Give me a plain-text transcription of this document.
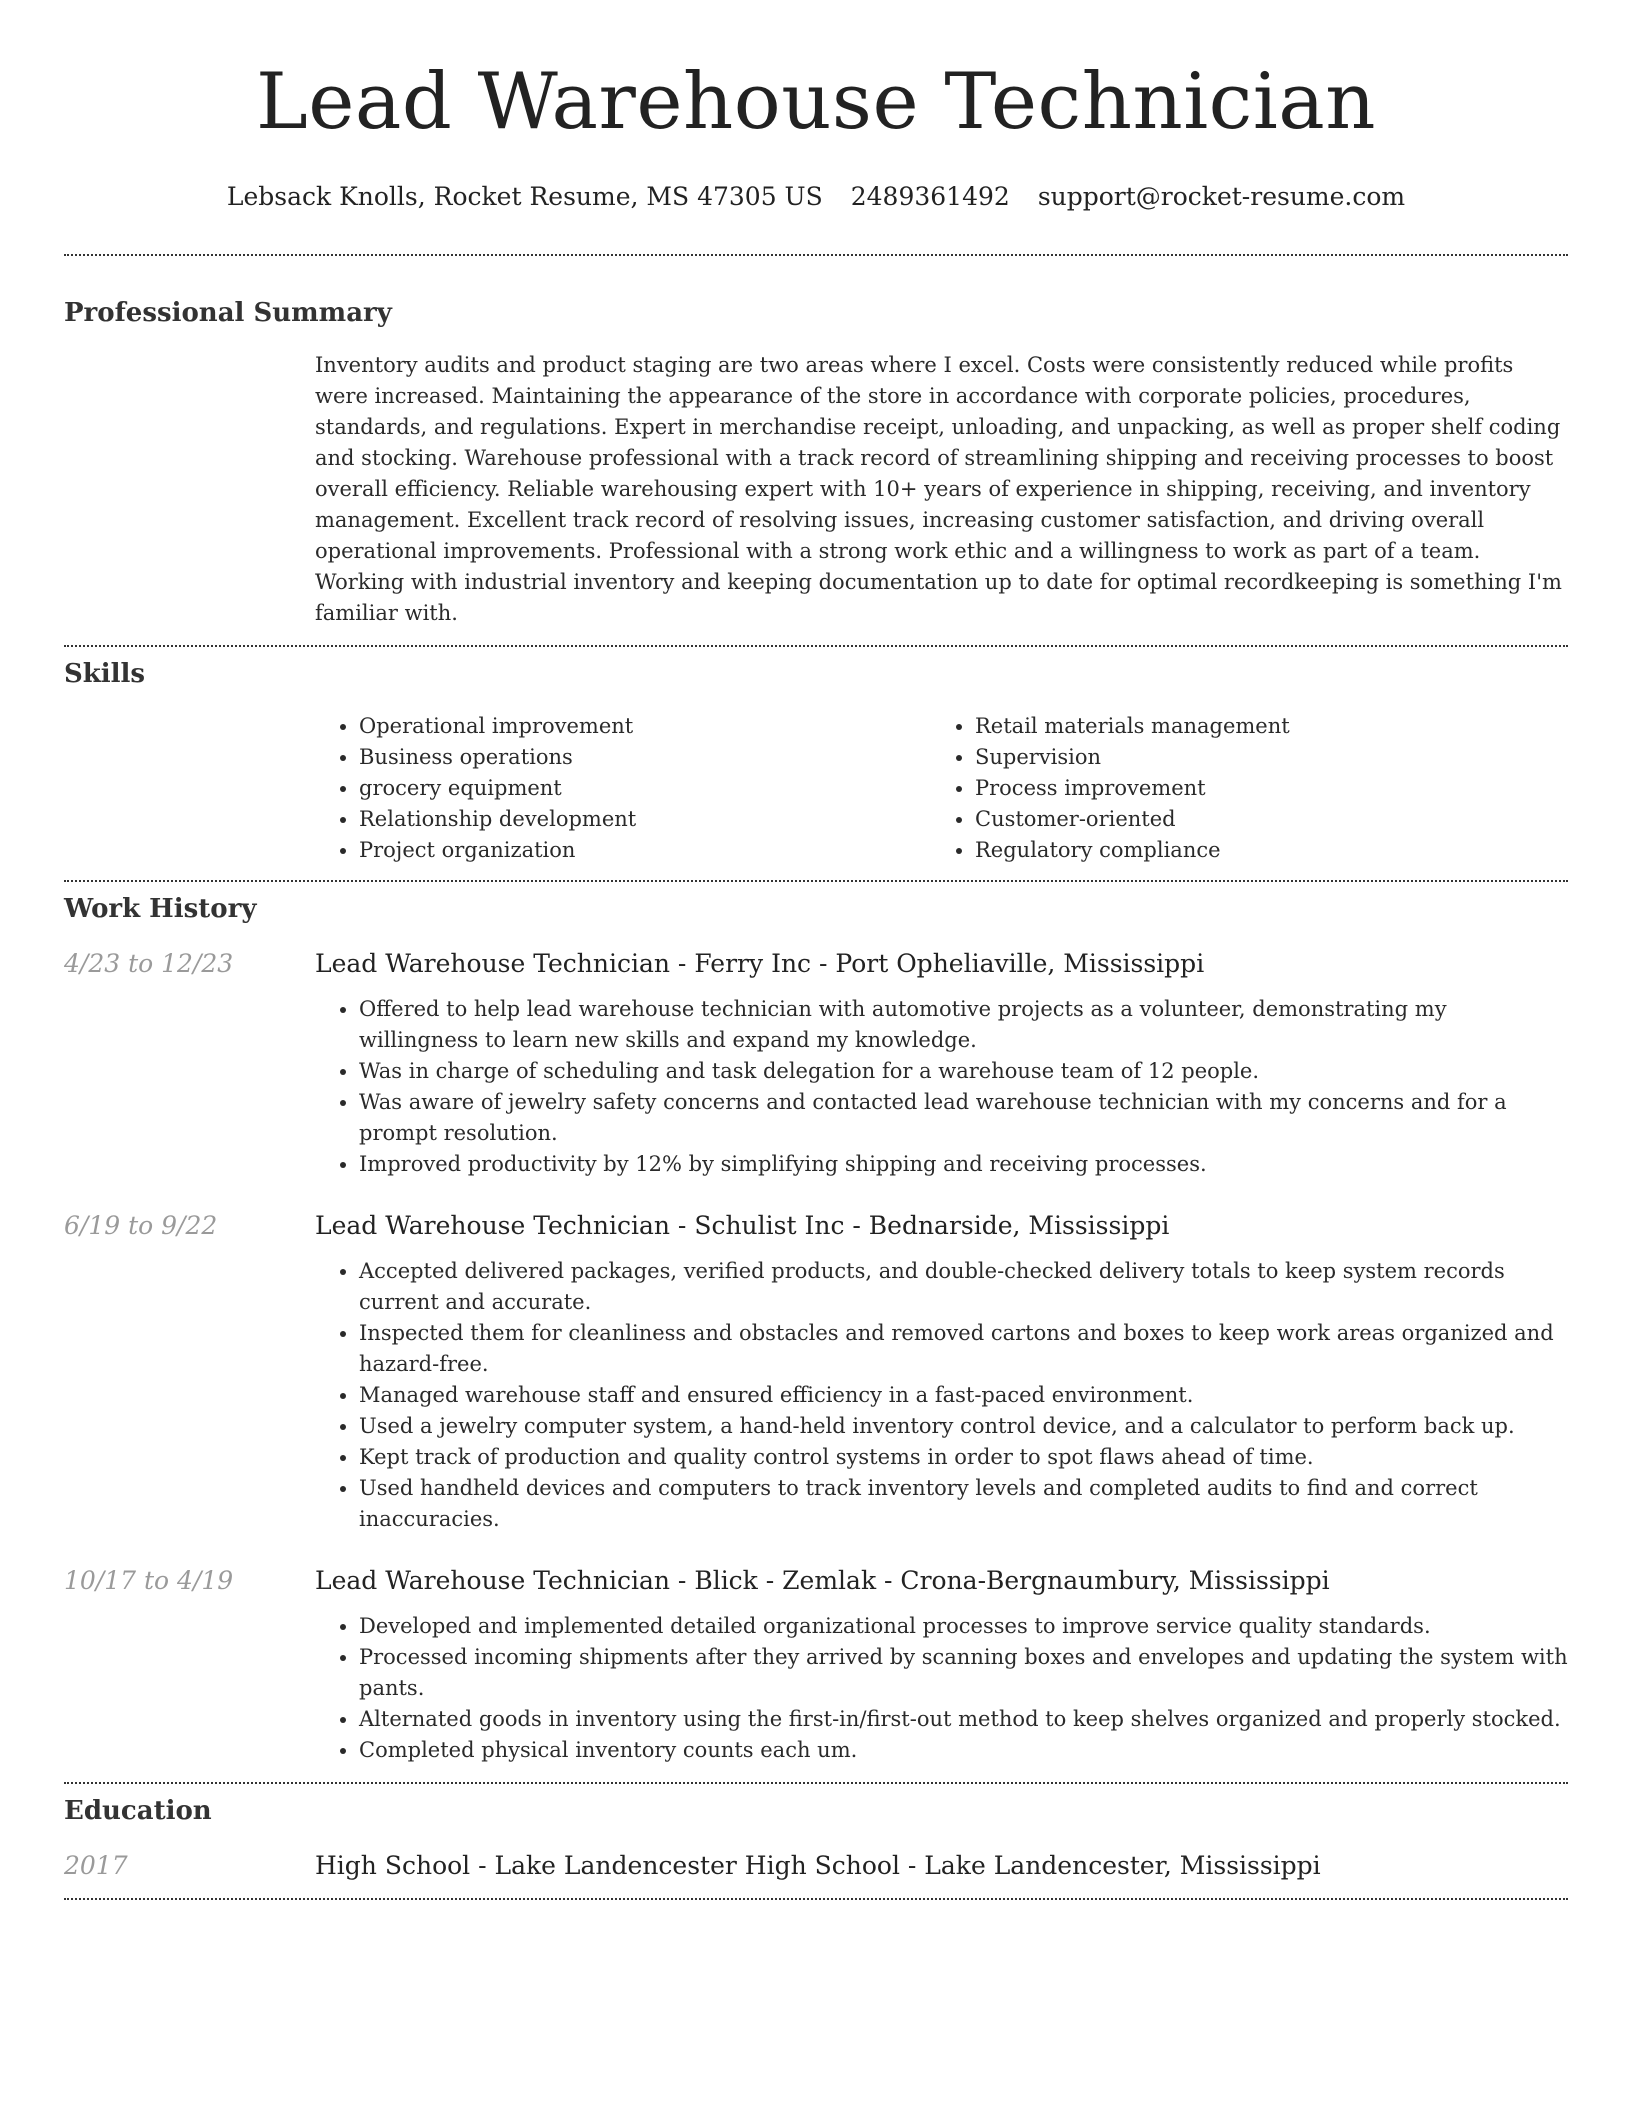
Lead Warehouse Technician
Lebsack Knolls, Rocket Resume, MS 47305 US 2489361492 support@rocket-resume.com
Professional Summary

Inventory audits and product staging are two areas where I excel. Costs were consistently reduced while profits were increased. Maintaining the appearance of the store in accordance with corporate policies, procedures, standards, and regulations. Expert in merchandise receipt, unloading, and unpacking, as well as proper shelf coding and stocking. Warehouse professional with a track record of streamlining shipping and receiving processes to boost overall efficiency. Reliable warehousing expert with 10+ years of experience in shipping, receiving, and inventory management. Excellent track record of resolving issues, increasing customer satisfaction, and driving overall operational improvements. Professional with a strong work ethic and a willingness to work as part of a team. Working with industrial inventory and keeping documentation up to date for optimal recordkeeping is something I'm familiar with.

Skills
• Operational improvement
• Business operations
• grocery equipment
• Relationship development
• Project organization
• Retail materials management
• Supervision
• Process improvement
• Customer-oriented
• Regulatory compliance
Work History
4/23 to 12/23	Lead Warehouse Technician - Ferry Inc - Port Opheliaville, Mississippi
• Offered to help lead warehouse technician with automotive projects as a volunteer, demonstrating my willingness to learn new skills and expand my knowledge.
• Was in charge of scheduling and task delegation for a warehouse team of 12 people.
• Was aware of jewelry safety concerns and contacted lead warehouse technician with my concerns and for a prompt resolution.
• Improved productivity by 12% by simplifying shipping and receiving processes.
6/19 to 9/22	Lead Warehouse Technician - Schulist Inc - Bednarside, Mississippi
• Accepted delivered packages, verified products, and double-checked delivery totals to keep system records current and accurate.
• Inspected them for cleanliness and obstacles and removed cartons and boxes to keep work areas organized and hazard-free.
• Managed warehouse staff and ensured efficiency in a fast-paced environment.
• Used a jewelry computer system, a hand-held inventory control device, and a calculator to perform back up.
• Kept track of production and quality control systems in order to spot flaws ahead of time.
• Used handheld devices and computers to track inventory levels and completed audits to find and correct inaccuracies.
10/17 to 4/19	Lead Warehouse Technician - Blick - Zemlak - Crona-Bergnaumbury, Mississippi
• Developed and implemented detailed organizational processes to improve service quality standards.
• Processed incoming shipments after they arrived by scanning boxes and envelopes and updating the system with pants.
• Alternated goods in inventory using the first-in/first-out method to keep shelves organized and properly stocked.
• Completed physical inventory counts each um.
Education
2017	High School - Lake Landencester High School - Lake Landencester, Mississippi
